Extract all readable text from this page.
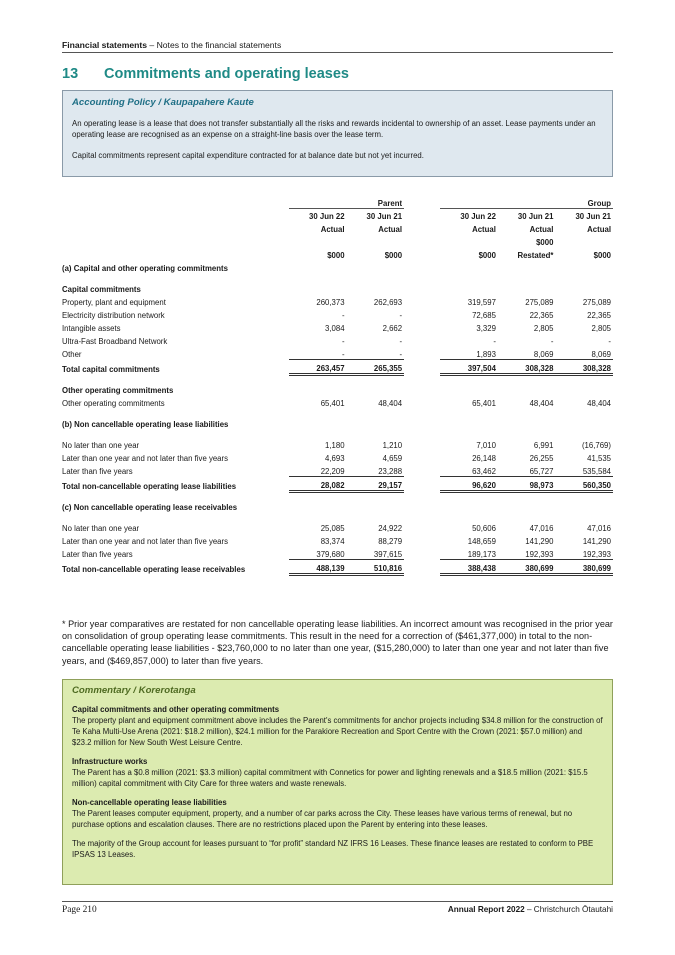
Financial statements – Notes to the financial statements
13 Commitments and operating leases
Accounting Policy / Kaupapahere Kaute

An operating lease is a lease that does not transfer substantially all the risks and rewards incidental to ownership of an asset. Lease payments under an operating lease are recognised as an expense on a straight-line basis over the lease term.

Capital commitments represent capital expenditure contracted for at balance date but not yet incurred.

	Parent			Group		
	30 Jun 22	30 Jun 21		30 Jun 22	30 Jun 21	30 Jun 21
	Actual	Actual		Actual	Actual	Actual
					$000	
	$000	$000		$000	Restated*	$000
(a) Capital and other operating commitments						

Capital commitments						
Property, plant and equipment	260,373	262,693		319,597	275,089	275,089
Electricity distribution network	-	-		72,685	22,365	22,365
Intangible assets	3,084	2,662		3,329	2,805	2,805
Ultra-Fast Broadband Network	-	-		-	-	-
Other	-	-		1,893	8,069	8,069
Total capital commitments	263,457	265,355		397,504	308,328	308,328

Other operating commitments						
Other operating commitments	65,401	48,404		65,401	48,404	48,404

(b) Non cancellable operating lease liabilities						

No later than one year	1,180	1,210		7,010	6,991	(16,769)
Later than one year and not later than five years	4,693	4,659		26,148	26,255	41,535
Later than five years	22,209	23,288		63,462	65,727	535,584
Total non-cancellable operating lease liabilities	28,082	29,157		96,620	98,973	560,350

(c) Non cancellable operating lease receivables						

No later than one year	25,085	24,922		50,606	47,016	47,016
Later than one year and not later than five years	83,374	88,279		148,659	141,290	141,290
Later than five years	379,680	397,615		189,173	192,393	192,393
Total non-cancellable operating lease receivables	488,139	510,816		388,438	380,699	380,699
* Prior year comparatives are restated for non cancellable operating lease liabilities. An incorrect amount was recognised in the prior year on consolidation of group operating lease commitments. This result in the need for a correction of ($461,377,000) in total to the non-cancellable operating lease liabilities - $23,760,000 to no later than one year, ($15,280,000) to later than one year and not later than five years, and ($469,857,000) to later than five years.
Commentary / Korerotanga
Capital commitments and other operating commitments

The property plant and equipment commitment above includes the Parent's commitments for anchor projects including $34.8 million for the construction of Te Kaha Multi-Use Arena (2021: $18.2 million), $24.1 million for the Parakiore Recreation and Sport Centre with the Crown (2021: $57.0 million) and $23.2 million for New South West Leisure Centre.

Infrastructure works

The Parent has a $0.8 million (2021: $3.3 million) capital commitment with Connetics for power and lighting renewals and a $18.5 million (2021: $15.5 million) capital commitment with City Care for three waters and waste renewals.

Non-cancellable operating lease liabilities

The Parent leases computer equipment, property, and a number of car parks across the City. These leases have various terms of renewal, but no purchase options and escalation clauses. There are no restrictions placed upon the Parent by entering into these leases.

The majority of the Group account for leases pursuant to “for profit” standard NZ IFRS 16 Leases. These finance leases are restated to conform to PBE IPSAS 13 Leases.

Page 210	Annual Report 2022 – Christchurch Ōtautahi
